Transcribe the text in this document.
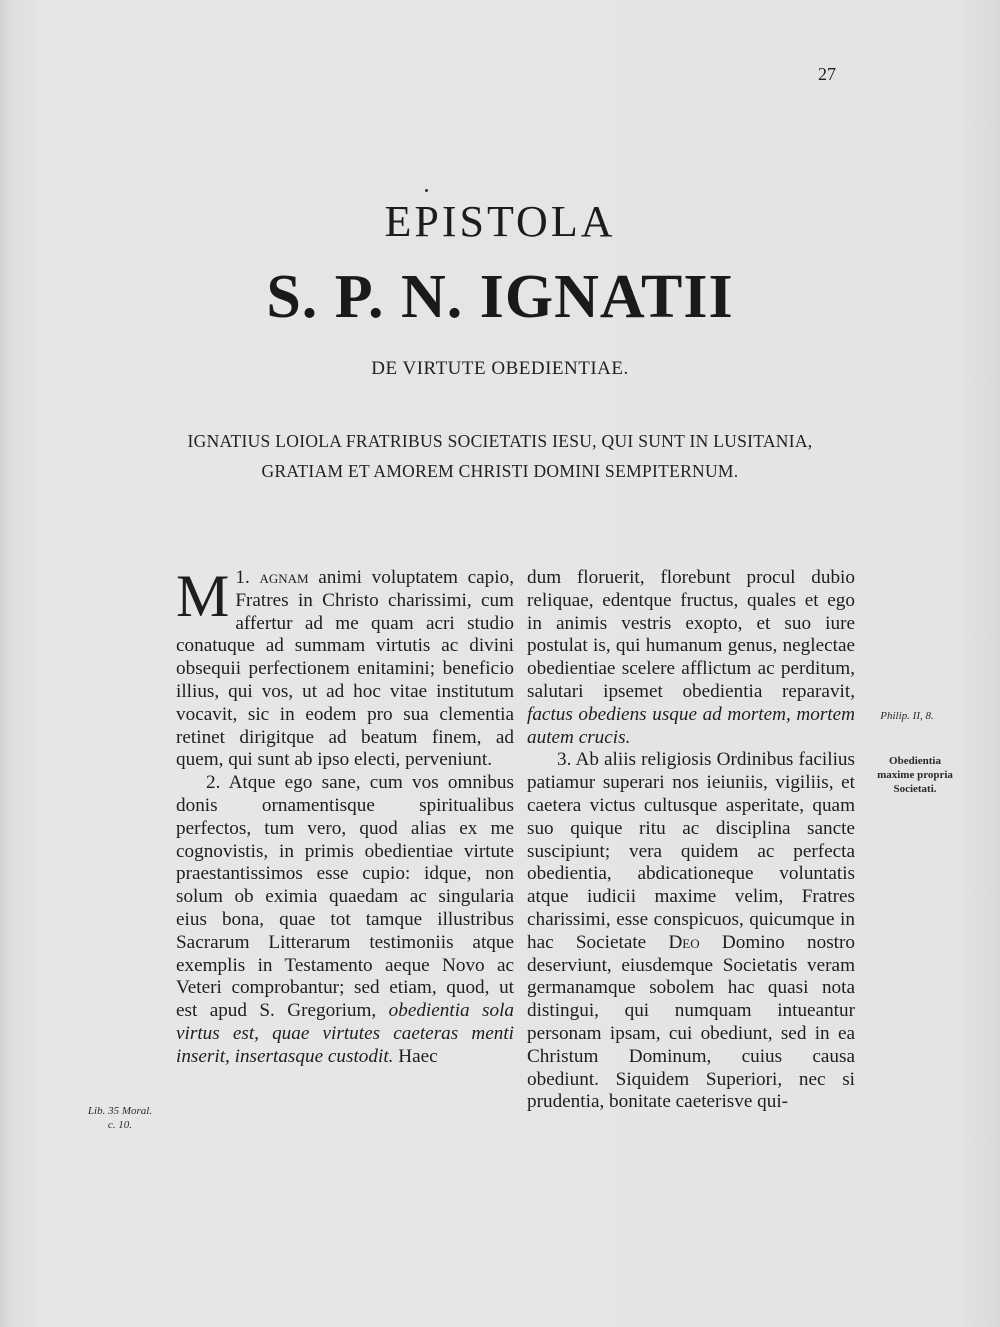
27
EPISTOLA
S. P. N. IGNATII
DE VIRTUTE OBEDIENTIAE.
IGNATIUS LOIOLA FRATRIBUS SOCIETATIS IESU, QUI SUNT IN LUSITANIA,
GRATIAM ET AMOREM CHRISTI DOMINI SEMPITERNUM.

1.
M agnam animi voluptatem capio, Fratres in Christo charissimi, cum affertur ad me quam acri studio conatuque ad summam virtutis ac divini obsequii perfectionem enitamini; beneficio illius, qui vos, ut ad hoc vitae institutum vocavit, sic in eodem pro sua clementia retinet dirigitque ad beatum finem, ad quem, qui sunt ab ipso electi, perveniunt.

2. Atque ego sane, cum vos omnibus donis ornamentisque spiritualibus perfectos, tum vero, quod alias ex me cognovistis, in primis obedientiae virtute praestantissimos esse cupio: idque, non solum ob eximia quaedam ac singularia eius bona, quae tot tamque illustribus Sacrarum Litterarum testimoniis atque exemplis in Testamento aeque Novo ac Veteri comprobantur; sed etiam, quod, ut est apud S. Gregorium, obedientia sola virtus est, quae virtutes caeteras menti inserit, insertasque custodit. Haec

dum floruerit, florebunt procul dubio reliquae, edentque fructus, quales et ego in animis vestris exopto, et suo iure postulat is, qui humanum genus, neglectae obedientiae scelere afflictum ac perditum, salutari ipsemet obedientia reparavit, factus obediens usque ad mortem, mortem autem crucis.

3. Ab aliis religiosis Ordinibus facilius patiamur superari nos ieiuniis, vigiliis, et caetera victus cultusque asperitate, quam suo quique ritu ac disciplina sancte suscipiunt; vera quidem ac perfecta obedientia, abdicationeque voluntatis atque iudicii maxime velim, Fratres charissimi, esse conspicuos, quicumque in hac Societate Deo Domino nostro deserviunt, eiusdemque Societatis veram germanamque sobolem hac quasi nota distingui, qui numquam intueantur personam ipsam, cui obediunt, sed in ea Christum Dominum, cuius causa obediunt. Siquidem Superiori, nec si prudentia, bonitate caeterisve qui-

Lib. 35 Moral.
c. 10.
Philip. II, 8.
Obedientia
maxime propria
Societati.
